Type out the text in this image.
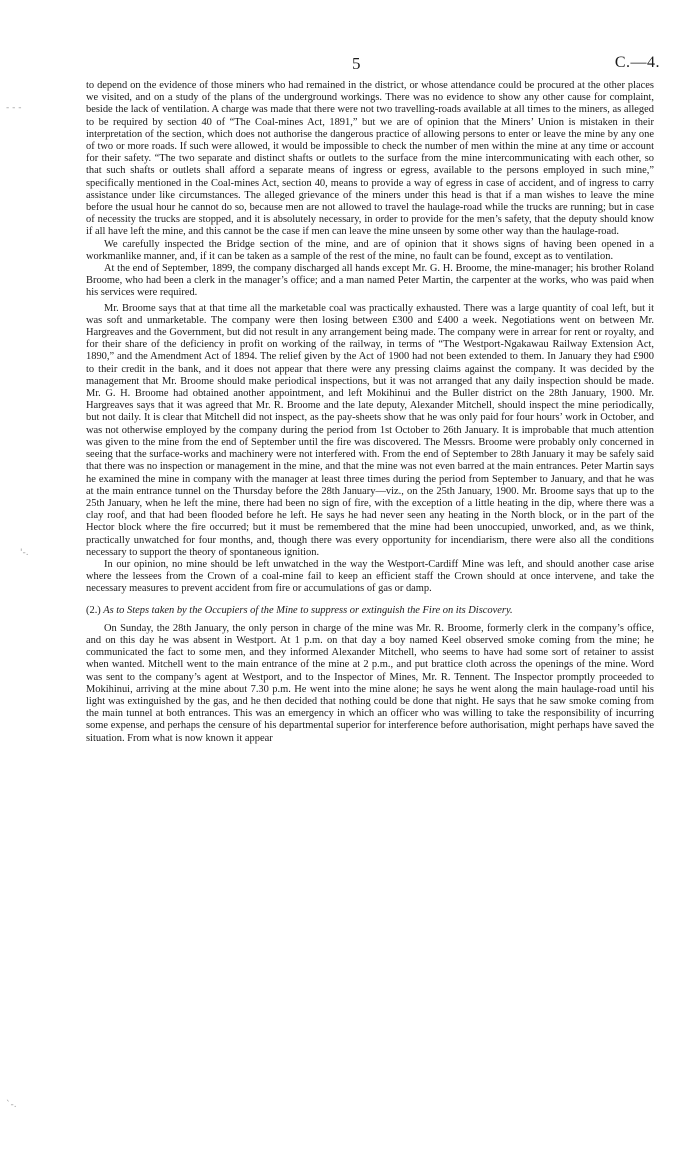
5	C.—4.
- - -
'-.
`-.

to depend on the evidence of those miners who had remained in the district, or whose attendance could be procured at the other places we visited, and on a study of the plans of the underground workings. There was no evidence to show any other cause for complaint, beside the lack of ventilation. A charge was made that there were not two travelling-roads available at all times to the miners, as alleged to be required by section 40 of “The Coal-mines Act, 1891,” but we are of opinion that the Miners’ Union is mistaken in their interpretation of the section, which does not authorise the dangerous practice of allowing persons to enter or leave the mine by any one of two or more roads. If such were allowed, it would be impossible to check the number of men within the mine at any time or account for their safety. “The two separate and distinct shafts or outlets to the surface from the mine intercommunicating with each other, so that such shafts or outlets shall afford a separate means of ingress or egress, available to the persons employed in such mine,” specifically mentioned in the Coal-mines Act, section 40, means to provide a way of egress in case of accident, and of ingress to carry assistance under like circumstances. The alleged grievance of the miners under this head is that if a man wishes to leave the mine before the usual hour he cannot do so, because men are not allowed to travel the haulage-road while the trucks are running; but in case of necessity the trucks are stopped, and it is absolutely necessary, in order to provide for the men’s safety, that the deputy should know if all have left the mine, and this cannot be the case if men can leave the mine unseen by some other way than the haulage-road.

We carefully inspected the Bridge section of the mine, and are of opinion that it shows signs of having been opened in a workmanlike manner, and, if it can be taken as a sample of the rest of the mine, no fault can be found, except as to ventilation.

At the end of September, 1899, the company discharged all hands except Mr. G. H. Broome, the mine-manager; his brother Roland Broome, who had been a clerk in the manager’s office; and a man named Peter Martin, the carpenter at the works, who was paid when his services were required.

Mr. Broome says that at that time all the marketable coal was practically exhausted. There was a large quantity of coal left, but it was soft and unmarketable. The company were then losing between £300 and £400 a week. Negotiations went on between Mr. Hargreaves and the Government, but did not result in any arrangement being made. The company were in arrear for rent or royalty, and for their share of the deficiency in profit on working of the railway, in terms of “The Westport-Ngakawau Railway Extension Act, 1890,” and the Amendment Act of 1894. The relief given by the Act of 1900 had not been extended to them. In January they had £900 to their credit in the bank, and it does not appear that there were any pressing claims against the company. It was decided by the management that Mr. Broome should make periodical inspections, but it was not arranged that any daily inspection should be made. Mr. G. H. Broome had obtained another appointment, and left Mokihinui and the Buller district on the 28th January, 1900. Mr. Hargreaves says that it was agreed that Mr. R. Broome and the late deputy, Alexander Mitchell, should inspect the mine periodically, but not daily. It is clear that Mitchell did not inspect, as the pay-sheets show that he was only paid for four hours’ work in October, and was not otherwise employed by the company during the period from 1st October to 26th January. It is improbable that much attention was given to the mine from the end of September until the fire was discovered. The Messrs. Broome were probably only concerned in seeing that the surface-works and machinery were not interfered with. From the end of September to 28th January it may be safely said that there was no inspection or management in the mine, and that the mine was not even barred at the main entrances. Peter Martin says he examined the mine in company with the manager at least three times during the period from September to January, and that he was at the main entrance tunnel on the Thursday before the 28th January—viz., on the 25th January, 1900. Mr. Broome says that up to the 25th January, when he left the mine, there had been no sign of fire, with the exception of a little heating in the dip, where there was a clay roof, and that had been flooded before he left. He says he had never seen any heating in the North block, or in the part of the Hector block where the fire occurred; but it must be remembered that the mine had been unoccupied, unworked, and, as we think, practically unwatched for four months, and, though there was every opportunity for incendiarism, there were also all the conditions necessary to support the theory of spontaneous ignition.

In our opinion, no mine should be left unwatched in the way the Westport-Cardiff Mine was left, and should another case arise where the lessees from the Crown of a coal-mine fail to keep an efficient staff the Crown should at once intervene, and take the necessary measures to prevent accident from fire or accumulations of gas or damp.

(2.) As to Steps taken by the Occupiers of the Mine to suppress or extinguish the Fire on its Discovery.

On Sunday, the 28th January, the only person in charge of the mine was Mr. R. Broome, formerly clerk in the company’s office, and on this day he was absent in Westport. At 1 p.m. on that day a boy named Keel observed smoke coming from the mine; he communicated the fact to some men, and they informed Alexander Mitchell, who seems to have had some sort of retainer to assist when wanted. Mitchell went to the main entrance of the mine at 2 p.m., and put brattice cloth across the openings of the mine. Word was sent to the company’s agent at Westport, and to the Inspector of Mines, Mr. R. Tennent. The Inspector promptly proceeded to Mokihinui, arriving at the mine about 7.30 p.m. He went into the mine alone; he says he went along the main haulage-road until his light was extinguished by the gas, and he then decided that nothing could be done that night. He says that he saw smoke coming from the main tunnel at both entrances. This was an emergency in which an officer who was willing to take the responsibility of incurring some expense, and perhaps the censure of his departmental superior for interference before authorisation, might perhaps have saved the situation. From what is now known it appear
